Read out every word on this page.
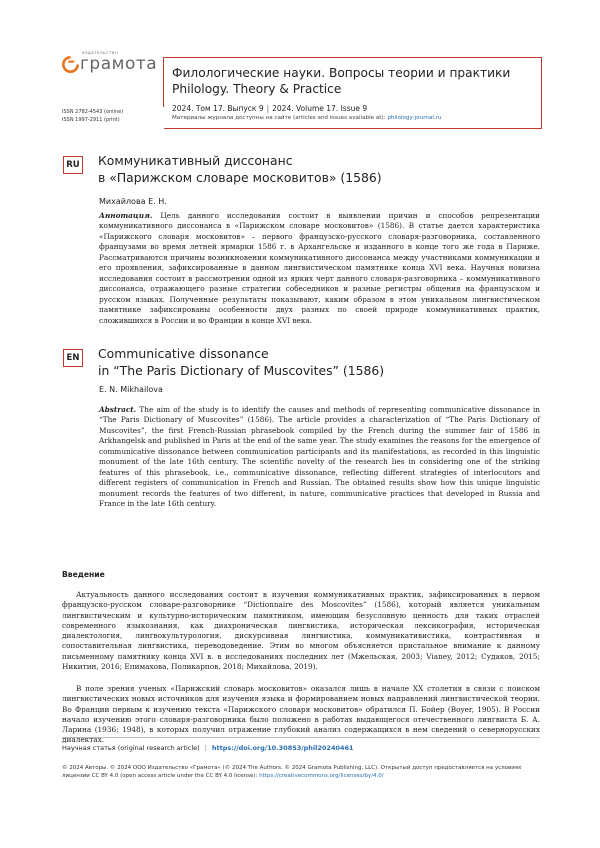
ИЗДАТЕЛЬСТВО
грамота
ISSN 2782-4543 (online)
ISSN 1997-2911 (print)
Филологические науки. Вопросы теории и практики
Philology. Theory & Practice
2024. Том 17. Выпуск 9 | 2024. Volume 17. Issue 9
Материалы журнала доступны на сайте (articles and issues available at): philology-journal.ru
RU Коммуникативный диссонанс
в «Парижском словаре московитов» (1586)
Михайлова Е. Н.
Аннотация. Цель данного исследования состоит в выявлении причин и способов репрезентации коммуникативного диссонанса в «Парижском словаре московитов» (1586). В статье дается характеристика «Парижского словаря московитов» – первого французско-русского словаря-разговорника, составленного французами во время летней ярмарки 1586 г. в Архангельске и изданного в конце того же года в Париже. Рассматриваются причины возникновения коммуникативного диссонанса между участниками коммуникации и его проявления, зафиксированные в данном лингвистическом памятнике конца XVI века. Научная новизна исследования состоит в рассмотрении одной из ярких черт данного словаря-разговорника – коммуникативного диссонанса, отражающего разные стратегии собеседников и разные регистры общения на французском и русском языках. Полученные результаты показывают, каким образом в этом уникальном лингвистическом памятнике зафиксированы особенности двух разных по своей природе коммуникативных практик, сложившихся в России и во Франции в конце XVI века.
EN Communicative dissonance
in “The Paris Dictionary of Muscovites” (1586)
E. N. Mikhailova
Abstract. The aim of the study is to identify the causes and methods of representing communicative dissonance in “The Paris Dictionary of Muscovites” (1586). The article provides a characterization of “The Paris Dictionary of Muscovites”, the first French-Russian phrasebook compiled by the French during the summer fair of 1586 in Arkhangelsk and published in Paris at the end of the same year. The study examines the reasons for the emergence of communicative dissonance between communication participants and its manifestations, as recorded in this linguistic monument of the late 16th century. The scientific novelty of the research lies in considering one of the striking features of this phrasebook, i.e., communicative dissonance, reflecting different strategies of interlocutors and different registers of communication in French and Russian. The obtained results show how this unique linguistic monument records the features of two different, in nature, communicative practices that developed in Russia and France in the late 16th century.
Введение
Актуальность данного исследования состоит в изучении коммуникативных практик, зафиксированных в первом французско-русском словаре-разговорнике “Dictionnaire des Moscovites” (1586), который является уникальным лингвистическим и культурно-историческим памятником, имеющим безусловную ценность для таких отраслей современного языкознания, как диахроническая лингвистика, историческая лексикография, историческая диалектология, лингвокультурология, дискурсивная лингвистика, коммуникативистика, контрастивная и сопоставительная лингвистика, переводоведение. Этим во многом объясняется пристальное внимание к данному письменному памятнику конца XVI в. в исследованиях последних лет (Мжельская, 2003; Vianey, 2012; Судаков, 2015; Никитин, 2016; Епимахова, Поликарпов, 2018; Михайлова, 2019).
В поле зрения ученых «Парижский словарь московитов» оказался лишь в начале XX столетия в связи с поиском лингвистических новых источников для изучения языка и формированием новых направлений лингвистической теории. Во Франции первым к изучению текста «Парижского словаря московитов» обратился П. Бойер (Boyer, 1905). В России начало изучению этого словаря-разговорника было положено в работах выдающегося отечественного лингвиста Б. А. Ларина (1936; 1948), в которых получил отражение глубокий анализ содержащихся в нем сведений о севернорусских диалектах.
Научная статья (original research article) | https://doi.org/10.30853/phil20240461
© 2024 Авторы. © 2024 ООО Издательство «Грамота» (© 2024 The Authors. © 2024 Gramota Publishing, LLC). Открытый доступ предоставляется на условиях лицензии CC BY 4.0 (open access article under the CC BY 4.0 license): https://creativecommons.org/licenses/by/4.0/
